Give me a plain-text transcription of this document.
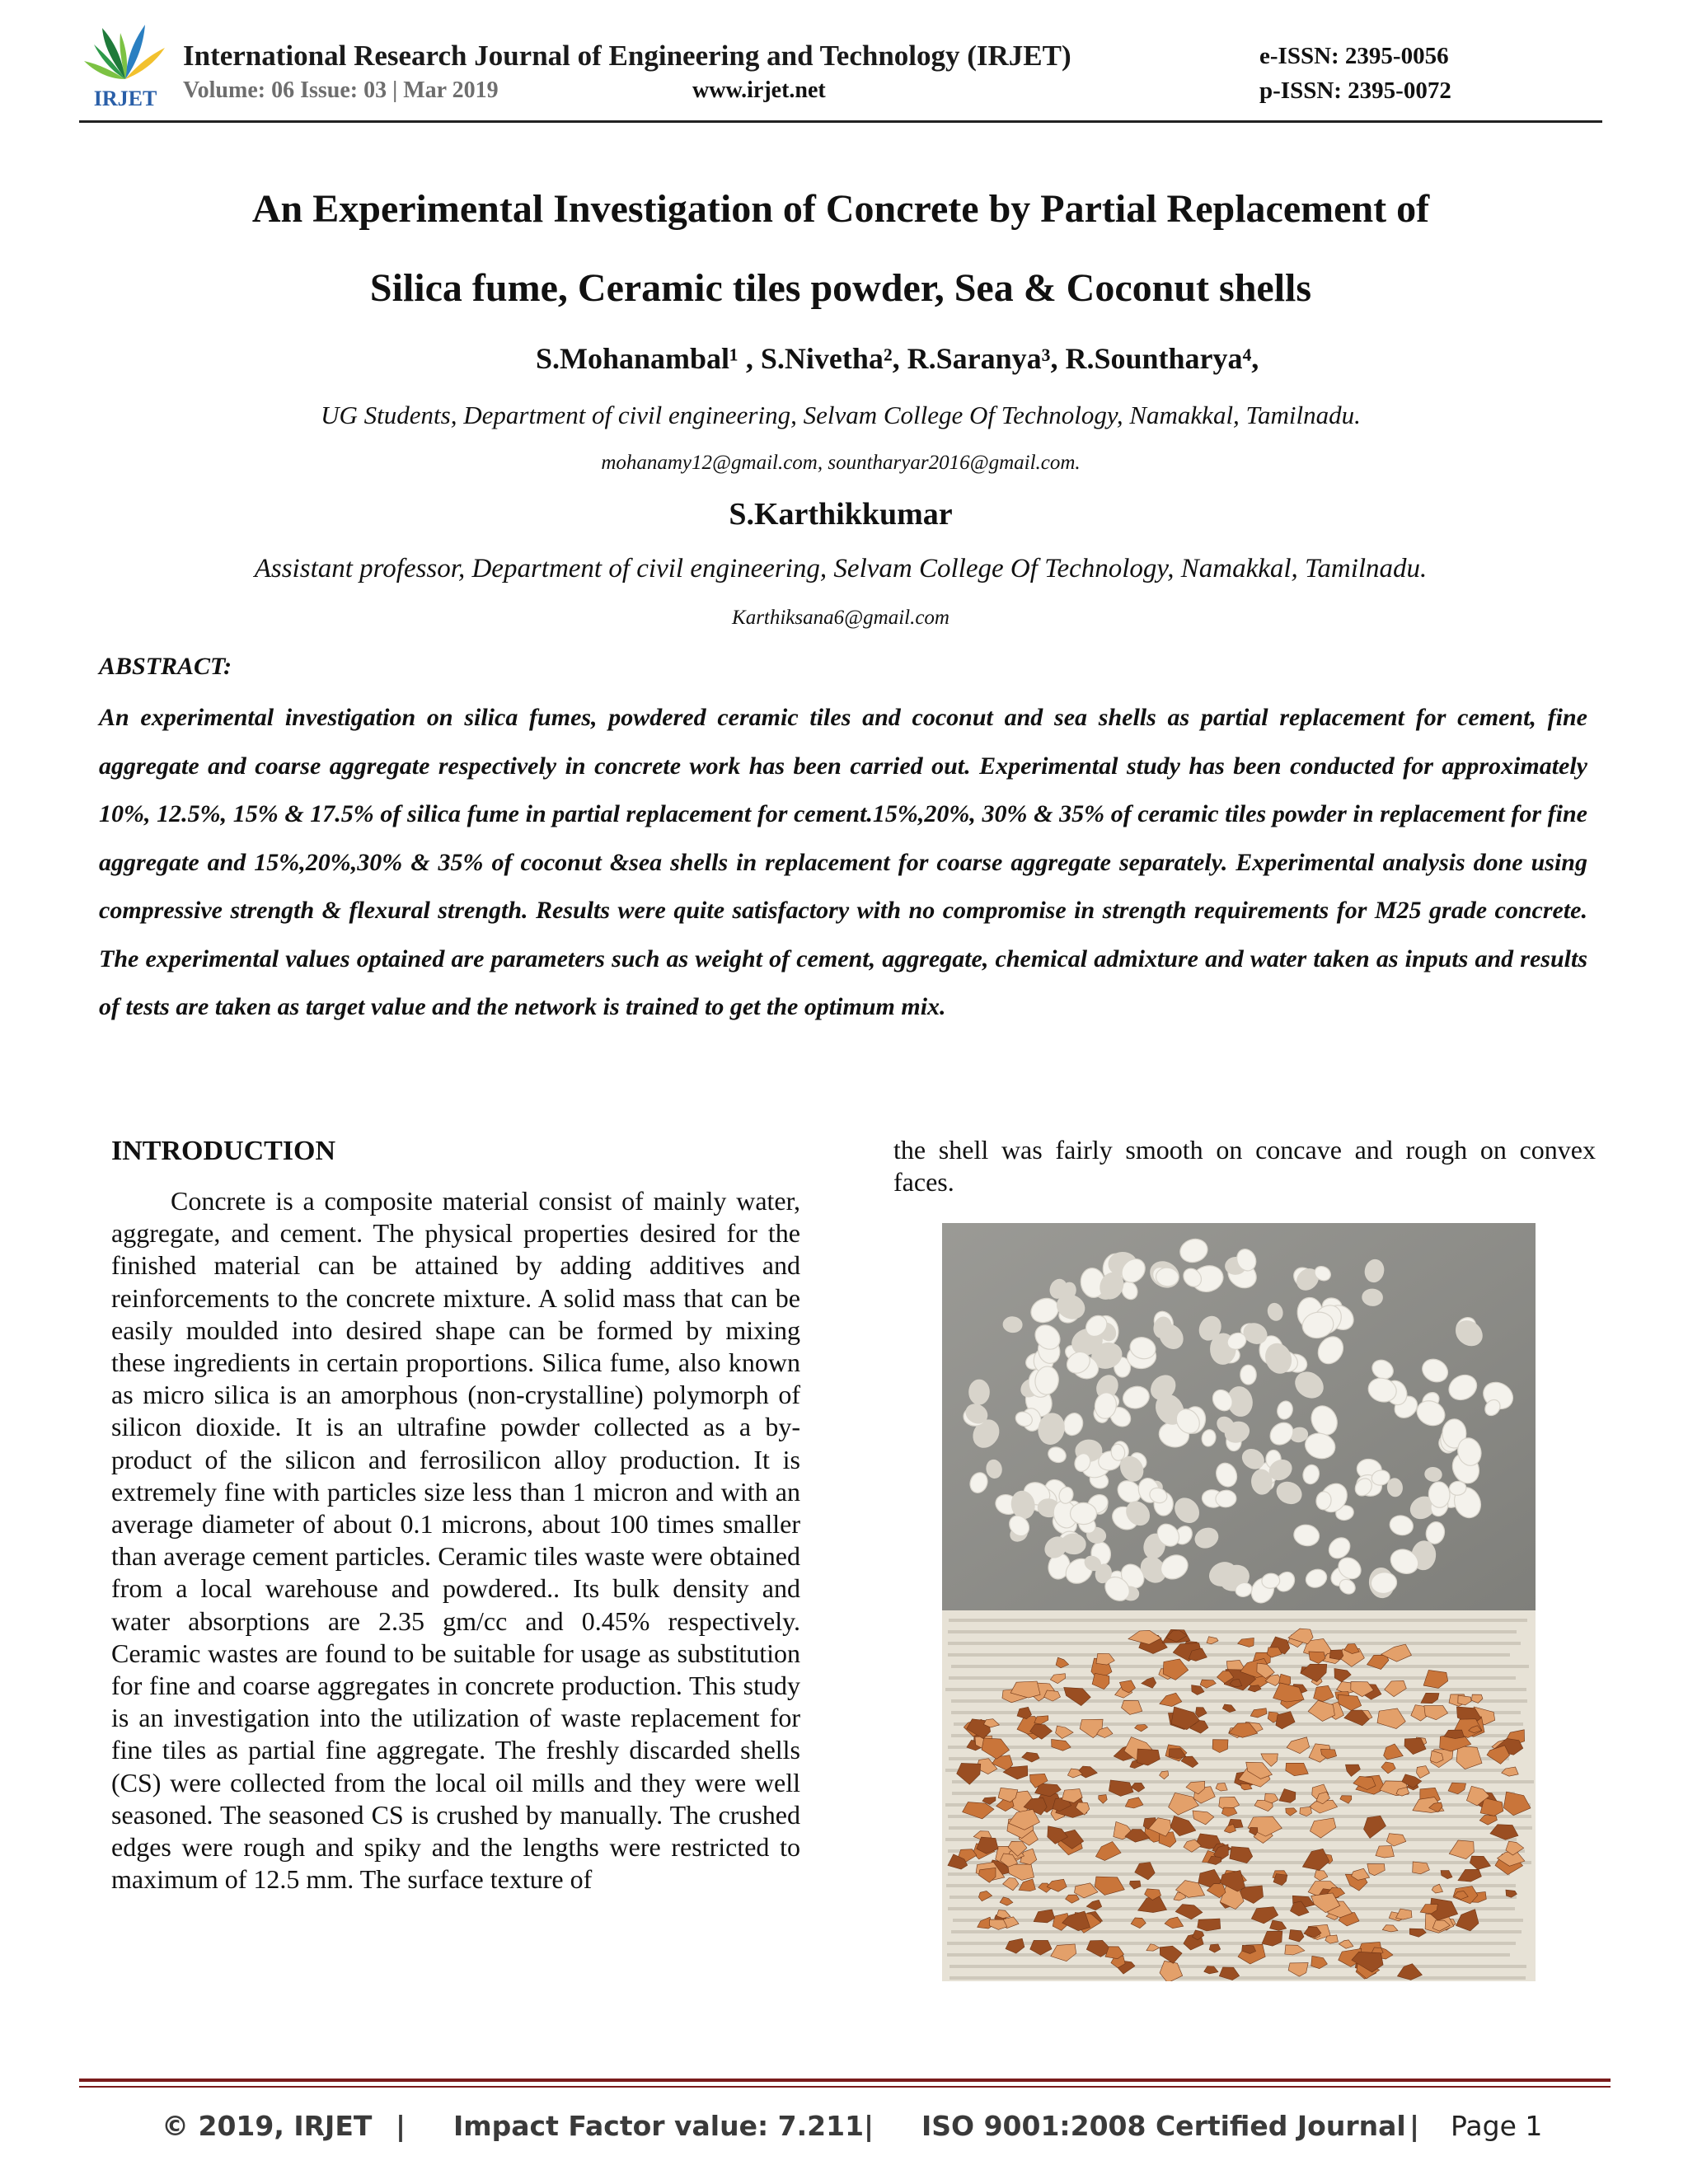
IRJET
International Research Journal of Engineering and Technology (IRJET)
Volume: 06 Issue: 03 | Mar 2019	www.irjet.net
e-ISSN: 2395-0056
p-ISSN: 2395-0072
An Experimental Investigation of Concrete by Partial Replacement of
Silica fume, Ceramic tiles powder, Sea & Coconut shells
S.Mohanambal¹ , S.Nivetha², R.Saranya³, R.Sountharya⁴,
UG Students, Department of civil engineering, Selvam College Of Technology, Namakkal, Tamilnadu.
mohanamy12@gmail.com, sountharyar2016@gmail.com.
S.Karthikkumar
Assistant professor, Department of civil engineering, Selvam College Of Technology, Namakkal, Tamilnadu.
Karthiksana6@gmail.com
ABSTRACT:

An experimental investigation on silica fumes, powdered ceramic tiles and coconut and sea shells as partial replacement for cement, fine aggregate and coarse aggregate respectively in concrete work has been carried out. Experimental study has been conducted for approximately 10%, 12.5%, 15% & 17.5% of silica fume in partial replacement for cement.15%,20%, 30% & 35% of ceramic tiles powder in replacement for fine aggregate and 15%,20%,30% & 35% of coconut &sea shells in replacement for coarse aggregate separately. Experimental analysis done using compressive strength & flexural strength. Results were quite satisfactory with no compromise in strength requirements for M25 grade concrete. The experimental values optained are parameters such as weight of cement, aggregate, chemical admixture and water taken as inputs and results of tests are taken as target value and the network is trained to get the optimum mix.

INTRODUCTION

Concrete is a composite material consist of mainly water, aggregate, and cement. The physical properties desired for the finished material can be attained by adding additives and reinforcements to the concrete mixture. A solid mass that can be easily moulded into desired shape can be formed by mixing these ingredients in certain proportions. Silica fume, also known as micro silica is an amorphous (non-crystalline) polymorph of silicon dioxide. It is an ultrafine powder collected as a by-product of the silicon and ferrosilicon alloy production. It is extremely fine with particles size less than 1 micron and with an average diameter of about 0.1 microns, about 100 times smaller than average cement particles. Ceramic tiles waste were obtained from a local warehouse and powdered.. Its bulk density and water absorptions are 2.35 gm/cc and 0.45% respectively. Ceramic wastes are found to be suitable for usage as substitution for fine and coarse aggregates in concrete production. This study is an investigation into the utilization of waste replacement for fine tiles as partial fine aggregate. The freshly discarded shells (CS) were collected from the local oil mills and they were well seasoned. The seasoned CS is crushed by manually. The crushed edges were rough and spiky and the lengths were restricted to maximum of 12.5 mm. The surface texture of

the shell was fairly smooth on concave and rough on convex faces.

© 2019, IRJET | Impact Factor value: 7.211 | ISO 9001:2008 Certified Journal | Page 1
